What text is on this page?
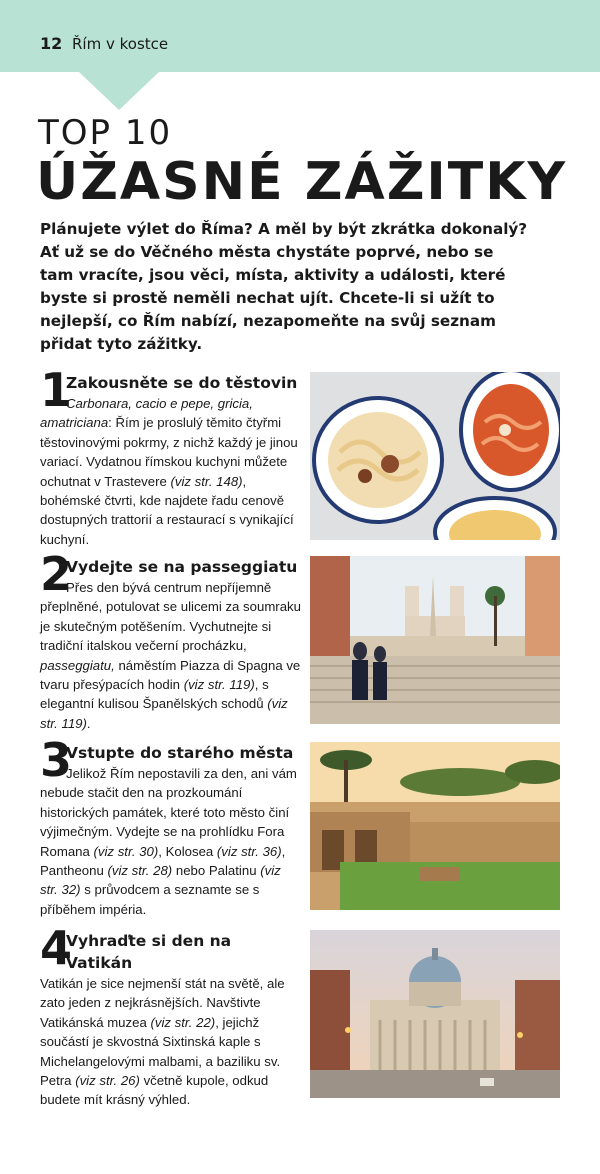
12 Řím v kostce
TOP 10
ÚŽASNÉ ZÁŽITKY
Plánujete výlet do Říma? A měl by být zkrátka dokonalý? Ať už se do Věčného města chystáte poprvé, nebo se tam vracíte, jsou věci, místa, aktivity a události, které byste si prostě neměli nechat ujít. Chcete-li si užít to nejlepší, co Řím nabízí, nezapomeňte na svůj seznam přidat tyto zážitky.
1
Zakousněte se do těstovin
Carbonara, cacio e pepe, gricia, amatriciana: Řím je proslulý těmito čtyřmi těstovinovými pokrmy, z nichž každý je jinou variací. Vydatnou římskou kuchyni můžete ochutnat v Trastevere (viz str. 148), bohémské čtvrti, kde najdete řadu cenově dostupných trattorií a restaurací s vynikající kuchyní.
2
Vydejte se na passeggiatu
Přes den bývá centrum nepříjemně přeplněné, potulovat se ulicemi za soumraku je skutečným potěšením. Vychutnejte si tradiční italskou večerní procházku, passeggiatu, náměstím Piazza di Spagna ve tvaru přesýpacích hodin (viz str. 119), s elegantní kulisou Španělských schodů (viz str. 119).
3
Vstupte do starého města
Jelikož Řím nepostavili za den, ani vám nebude stačit den na prozkoumání historických památek, které toto město činí výjimečným. Vydejte se na prohlídku Fora Romana (viz str. 30), Kolosea (viz str. 36), Pantheonu (viz str. 28) nebo Palatinu (viz str. 32) s průvodcem a seznamte se s příběhem impéria.
4
Vyhraďte si den na Vatikán
Vatikán je sice nejmenší stát na světě, ale zato jeden z nejkrásnějších. Navštivte Vatikánská muzea (viz str. 22), jejichž součástí je skvostná Sixtinská kaple s Michelangelovými malbami, a baziliku sv. Petra (viz str. 26) včetně kupole, odkud budete mít krásný výhled.
